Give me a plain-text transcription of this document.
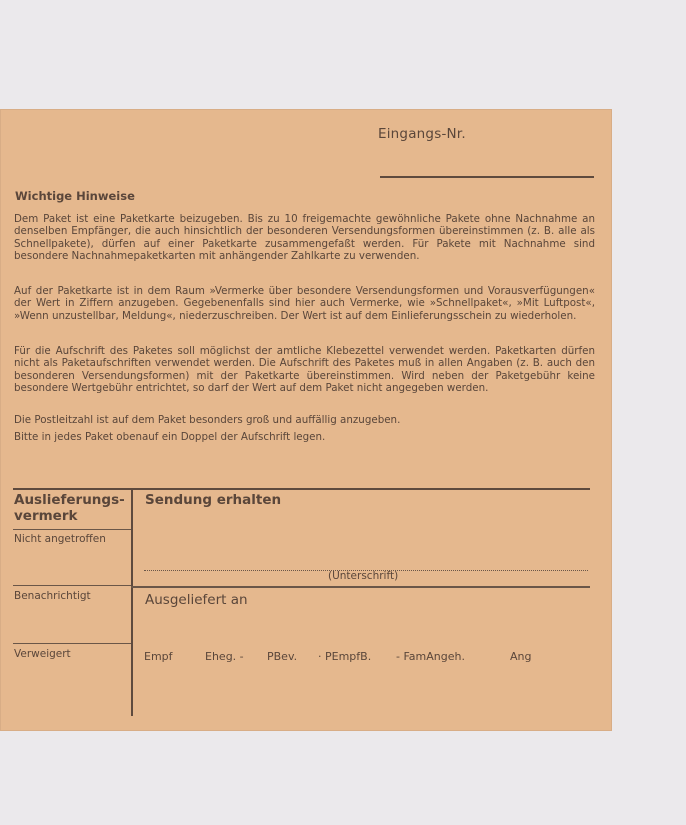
Eingangs-Nr.
Wichtige Hinweise

Dem Paket ist eine Paketkarte beizugeben. Bis zu 10 freigemachte gewöhnliche Pakete ohne Nachnahme an denselben Empfänger, die auch hinsichtlich der besonderen Versendungsformen übereinstimmen (z. B. alle als Schnellpakete), dürfen auf einer Paketkarte zusammengefaßt werden. Für Pakete mit Nachnahme sind besondere Nachnahmepaketkarten mit anhängender Zahlkarte zu verwenden.

Auf der Paketkarte ist in dem Raum »Vermerke über besondere Versendungsformen und Vorausverfügungen« der Wert in Ziffern anzugeben. Gegebenenfalls sind hier auch Vermerke, wie »Schnellpaket«, »Mit Luftpost«, »Wenn unzustellbar, Meldung«, niederzuschreiben. Der Wert ist auf dem Einlieferungsschein zu wiederholen.

Für die Aufschrift des Paketes soll möglichst der amtliche Klebezettel verwendet werden. Paketkarten dürfen nicht als Paketaufschriften verwendet werden. Die Aufschrift des Paketes muß in allen Angaben (z. B. auch den besonderen Versendungsformen) mit der Paketkarte übereinstimmen. Wird neben der Paketgebühr keine besondere Wertgebühr entrichtet, so darf der Wert auf dem Paket nicht angegeben werden.

Die Postleitzahl ist auf dem Paket besonders groß und auffällig anzugeben.

Bitte in jedes Paket obenauf ein Doppel der Aufschrift legen.

Auslieferungs-
vermerk
Nicht angetroffen
Benachrichtigt
Verweigert
Sendung erhalten
(Unterschrift)
Ausgeliefert an
Empf	Eheg. - PBev. · PEmpfB. - FamAngeh.	Ang
